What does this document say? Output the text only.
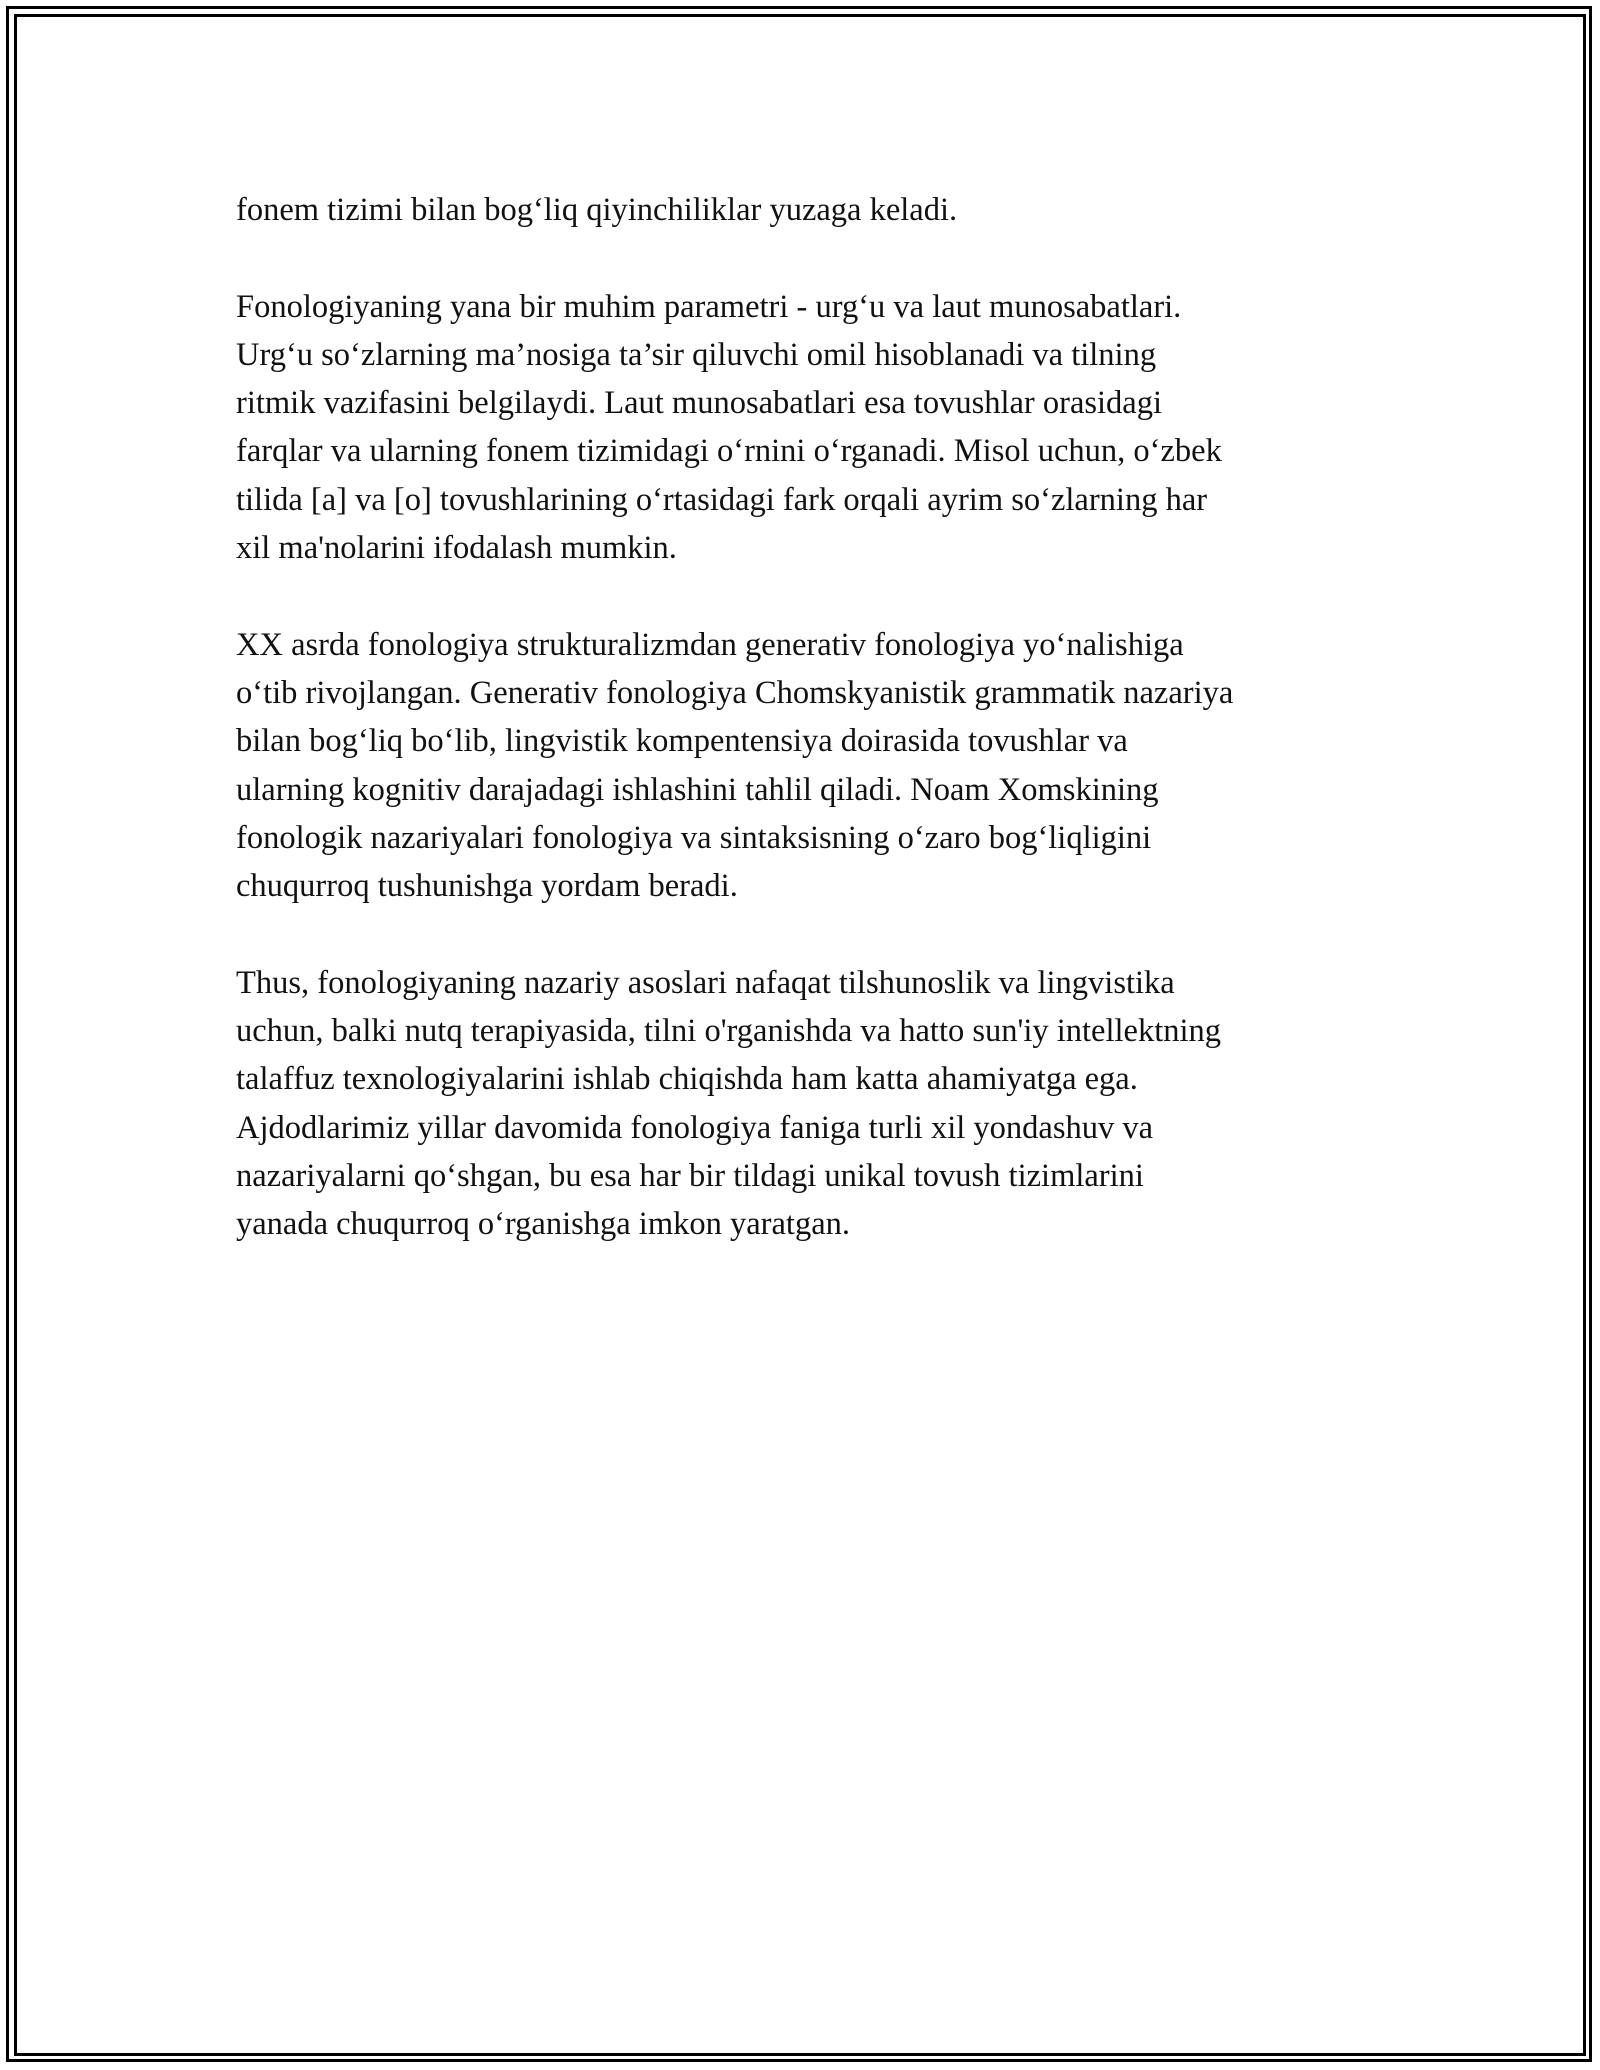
fonem tizimi bilan bog‘liq qiyinchiliklar yuzaga keladi.

Fonologiyaning yana bir muhim parametri - urg‘u va laut munosabatlari.
Urg‘u so‘zlarning ma’nosiga ta’sir qiluvchi omil hisoblanadi va tilning
ritmik vazifasini belgilaydi. Laut munosabatlari esa tovushlar orasidagi
farqlar va ularning fonem tizimidagi o‘rnini o‘rganadi. Misol uchun, o‘zbek
tilida [a] va [o] tovushlarining o‘rtasidagi fark orqali ayrim so‘zlarning har
xil ma'nolarini ifodalash mumkin.

XX asrda fonologiya strukturalizmdan generativ fonologiya yo‘nalishiga
o‘tib rivojlangan. Generativ fonologiya Chomskyanistik grammatik nazariya
bilan bog‘liq bo‘lib, lingvistik kompentensiya doirasida tovushlar va
ularning kognitiv darajadagi ishlashini tahlil qiladi. Noam Xomskining
fonologik nazariyalari fonologiya va sintaksisning o‘zaro bog‘liqligini
chuqurroq tushunishga yordam beradi.

Thus, fonologiyaning nazariy asoslari nafaqat tilshunoslik va lingvistika
uchun, balki nutq terapiyasida, tilni o'rganishda va hatto sun'iy intellektning
talaffuz texnologiyalarini ishlab chiqishda ham katta ahamiyatga ega.
Ajdodlarimiz yillar davomida fonologiya faniga turli xil yondashuv va
nazariyalarni qo‘shgan, bu esa har bir tildagi unikal tovush tizimlarini
yanada chuqurroq o‘rganishga imkon yaratgan.
